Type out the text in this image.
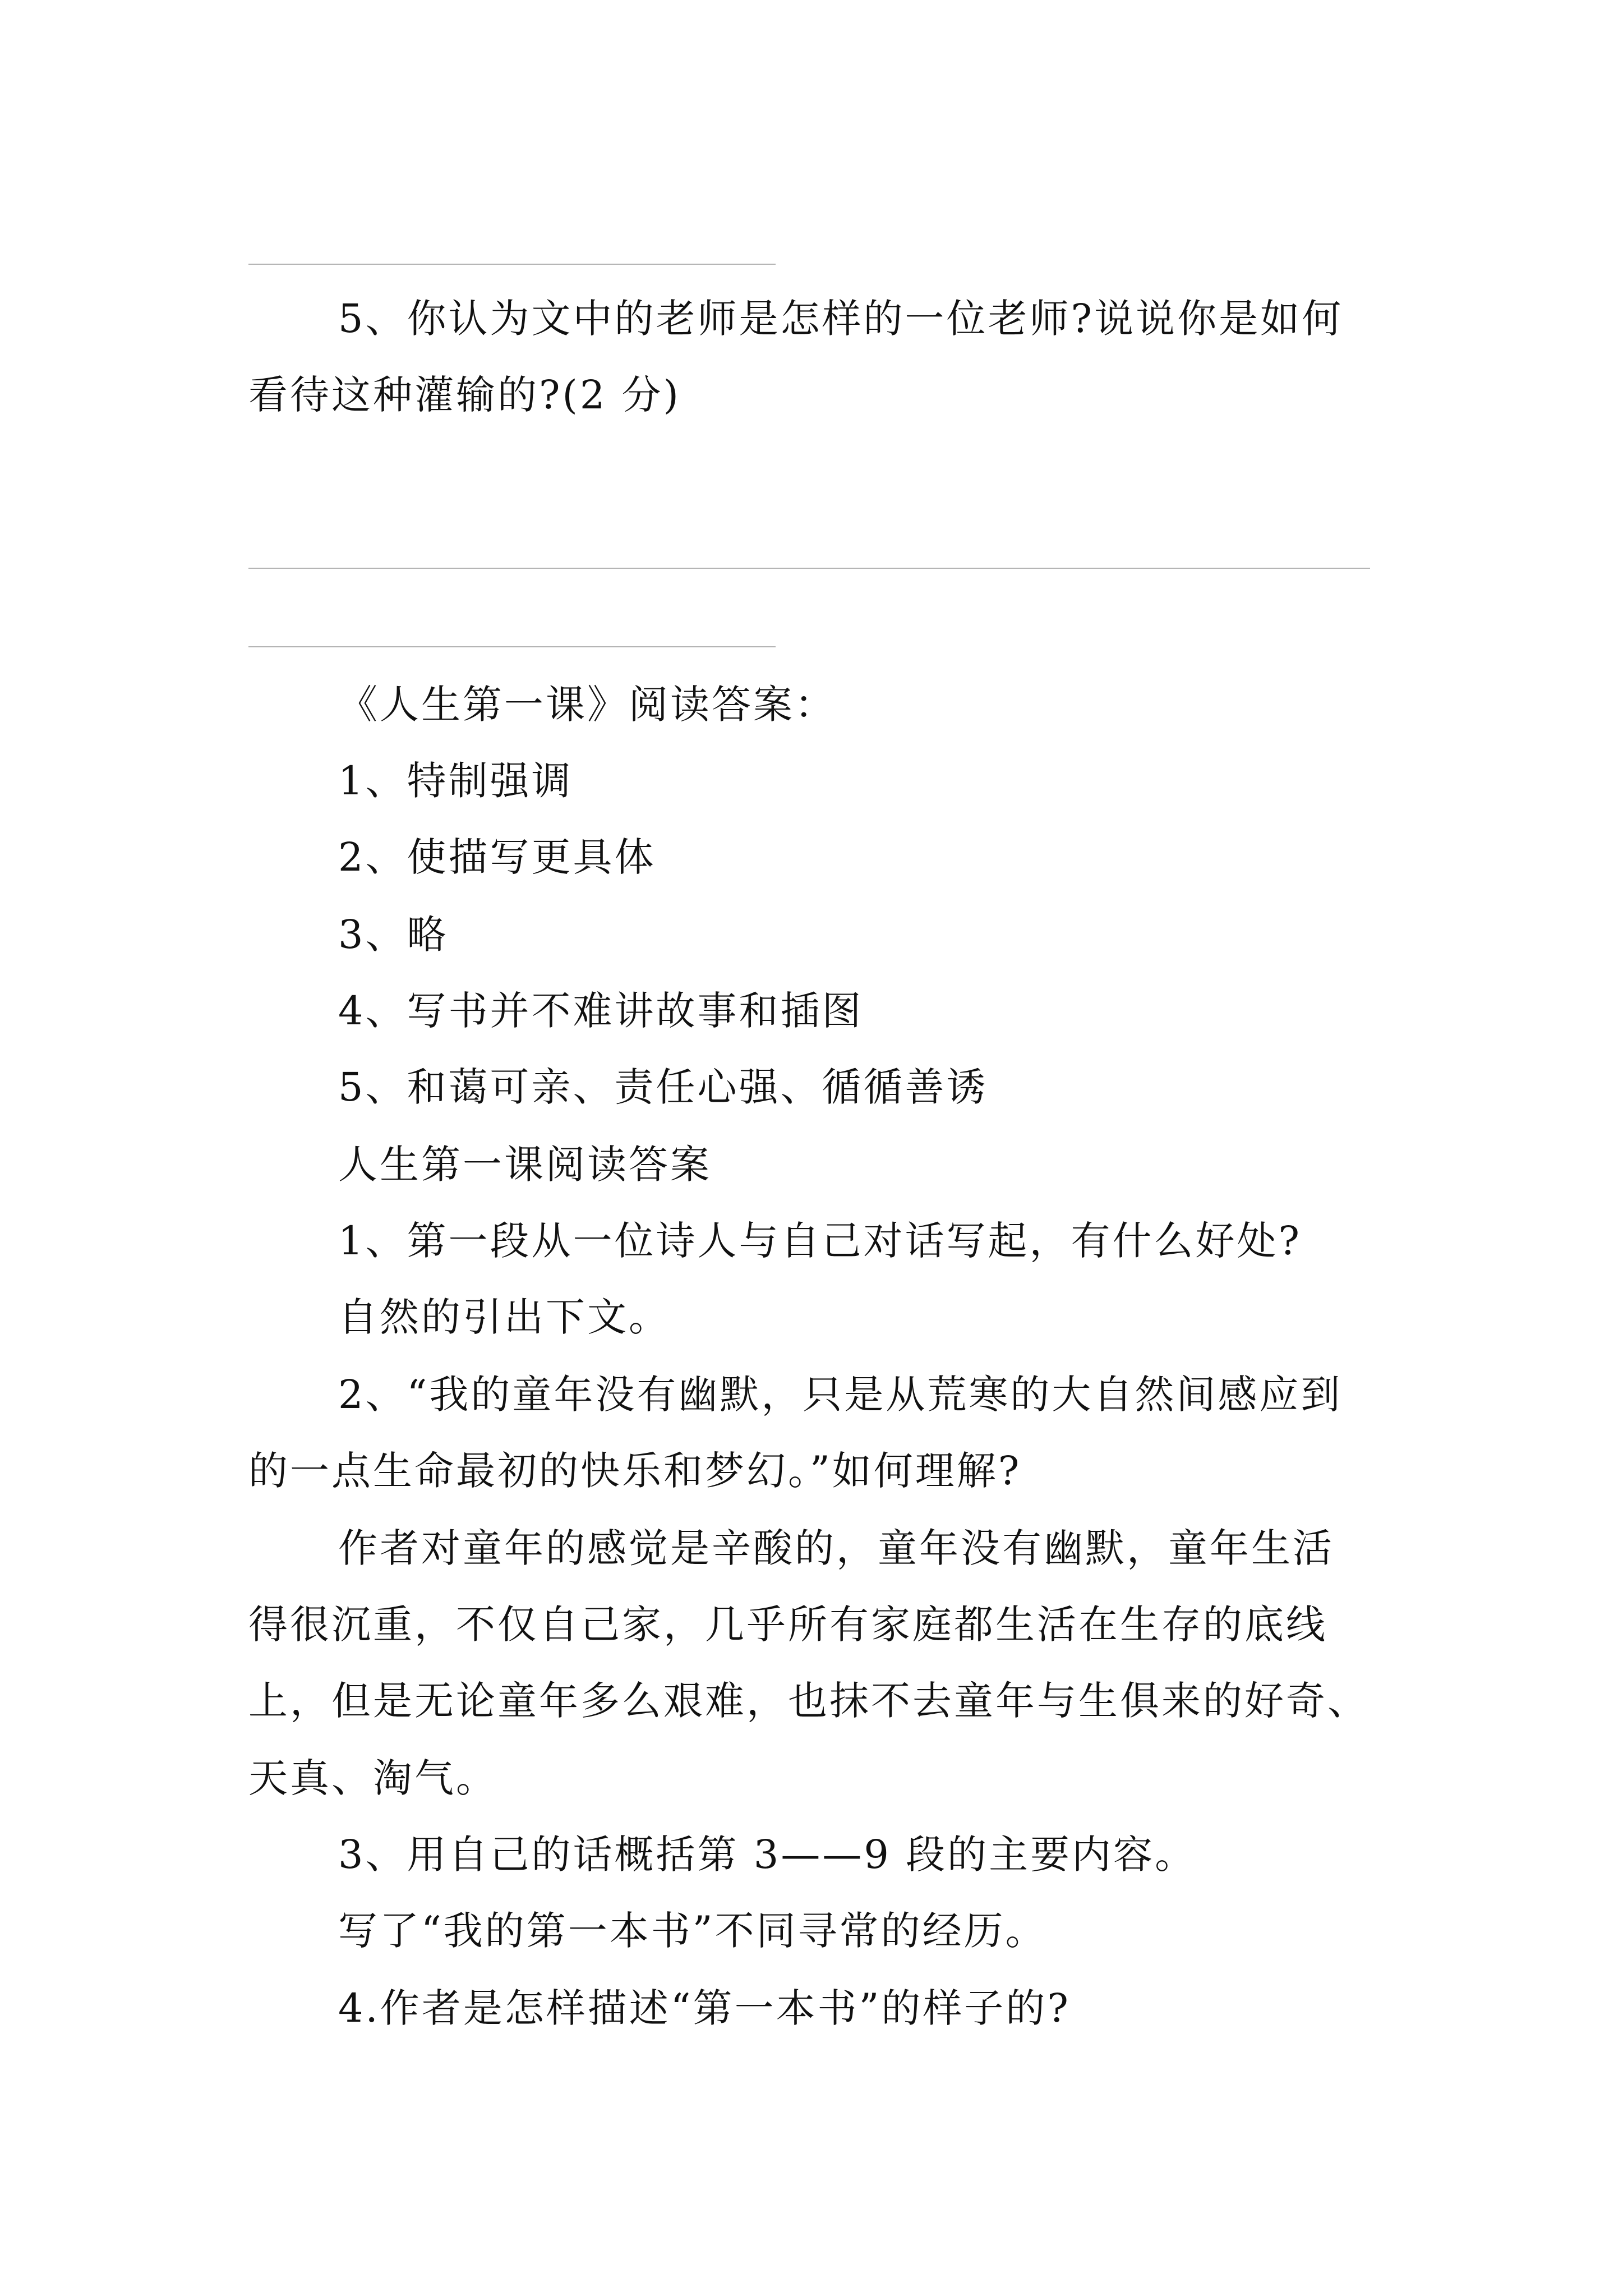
5、你认为文中的老师是怎样的一位老师?说说你是如何
看待这种灌输的?(2 分)
《人生第一课》阅读答案：
1、特制强调
2、使描写更具体
3、略
4、写书并不难讲故事和插图
5、和蔼可亲、责任心强、循循善诱
人生第一课阅读答案
1、第一段从一位诗人与自己对话写起，有什么好处?
自然的引出下文。
2、“我的童年没有幽默，只是从荒寒的大自然间感应到
的一点生命最初的快乐和梦幻。”如何理解?
作者对童年的感觉是辛酸的，童年没有幽默，童年生活
得很沉重，不仅自己家，几乎所有家庭都生活在生存的底线
上，但是无论童年多么艰难，也抹不去童年与生俱来的好奇、
天真、淘气。
3、用自己的话概括第 3——9 段的主要内容。
写了“我的第一本书”不同寻常的经历。
4.作者是怎样描述“第一本书”的样子的?
